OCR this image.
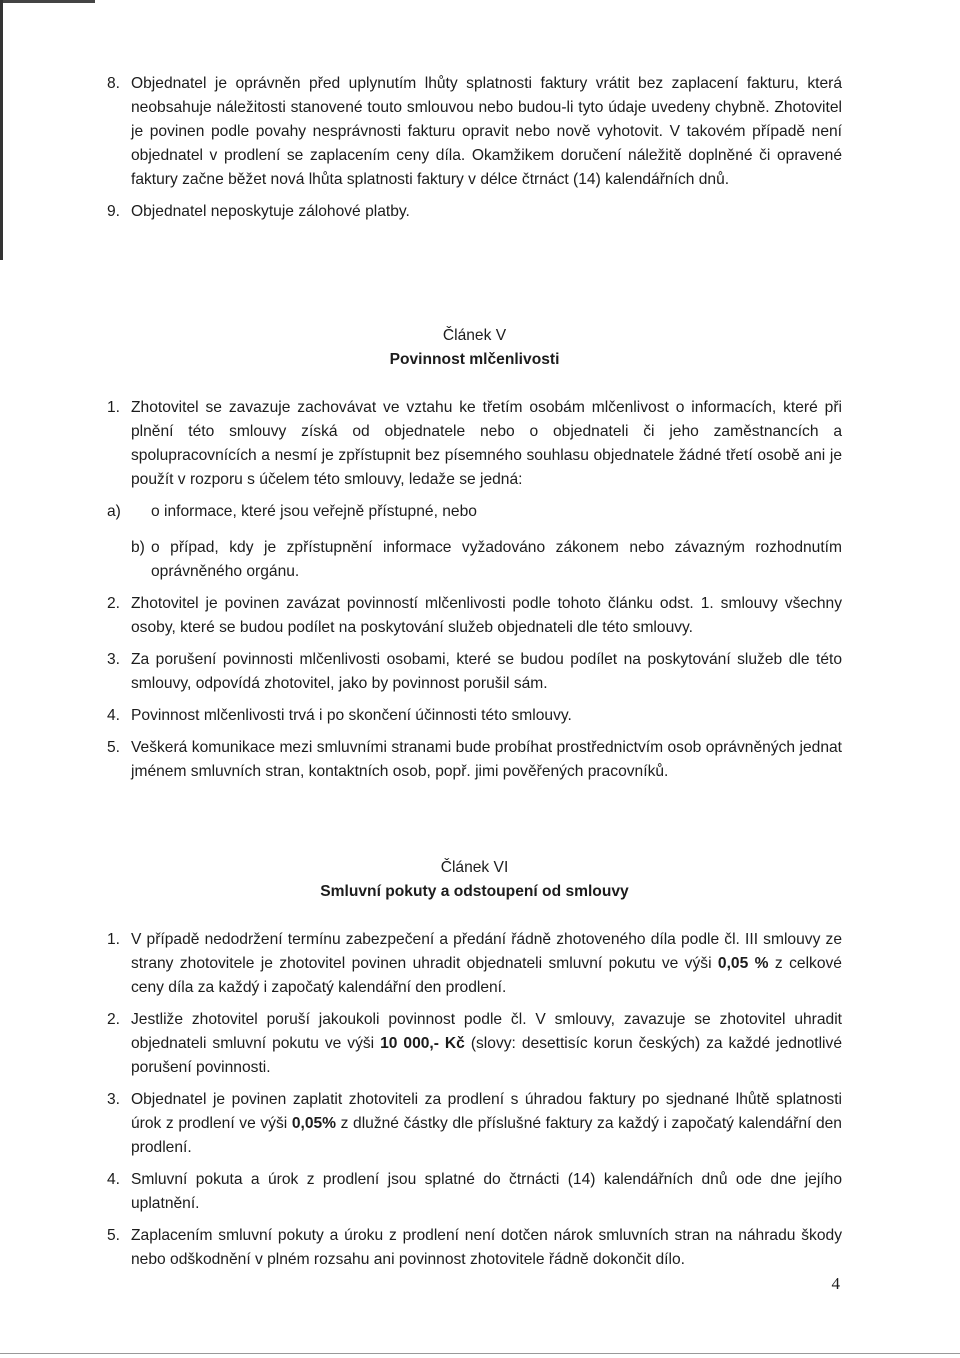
8. Objednatel je oprávněn před uplynutím lhůty splatnosti faktury vrátit bez zaplacení fakturu, která neobsahuje náležitosti stanovené touto smlouvou nebo budou-li tyto údaje uvedeny chybně. Zhotovitel je povinen podle povahy nesprávnosti fakturu opravit nebo nově vyhotovit. V takovém případě není objednatel v prodlení se zaplacením ceny díla. Okamžikem doručení náležitě doplněné či opravené faktury začne běžet nová lhůta splatnosti faktury v délce čtrnáct (14) kalendářních dnů.

9. Objednatel neposkytuje zálohové platby.

Článek V
Povinnost mlčenlivosti

1. Zhotovitel se zavazuje zachovávat ve vztahu ke třetím osobám mlčenlivost o informacích, které při plnění této smlouvy získá od objednatele nebo o objednateli či jeho zaměstnancích a spolupracovnících a nesmí je zpřístupnit bez písemného souhlasu objednatele žádné třetí osobě ani je použít v rozporu s účelem této smlouvy, ledaže se jedná:

a) o informace, které jsou veřejně přístupné, nebo

b) o případ, kdy je zpřístupnění informace vyžadováno zákonem nebo závazným rozhodnutím oprávněného orgánu.

2. Zhotovitel je povinen zavázat povinností mlčenlivosti podle tohoto článku odst. 1. smlouvy všechny osoby, které se budou podílet na poskytování služeb objednateli dle této smlouvy.

3. Za porušení povinnosti mlčenlivosti osobami, které se budou podílet na poskytování služeb dle této smlouvy, odpovídá zhotovitel, jako by povinnost porušil sám.

4. Povinnost mlčenlivosti trvá i po skončení účinnosti této smlouvy.

5. Veškerá komunikace mezi smluvními stranami bude probíhat prostřednictvím osob oprávněných jednat jménem smluvních stran, kontaktních osob, popř. jimi pověřených pracovníků.

Článek VI
Smluvní pokuty a odstoupení od smlouvy

1. V případě nedodržení termínu zabezpečení a předání řádně zhotoveného díla podle čl. III smlouvy ze strany zhotovitele je zhotovitel povinen uhradit objednateli smluvní pokutu ve výši 0,05 % z celkové ceny díla za každý i započatý kalendářní den prodlení.

2. Jestliže zhotovitel poruší jakoukoli povinnost podle čl. V smlouvy, zavazuje se zhotovitel uhradit objednateli smluvní pokutu ve výši 10 000,- Kč (slovy: desettisíc korun českých) za každé jednotlivé porušení povinnosti.

3. Objednatel je povinen zaplatit zhotoviteli za prodlení s úhradou faktury po sjednané lhůtě splatnosti úrok z prodlení ve výši 0,05% z dlužné částky dle příslušné faktury za každý i započatý kalendářní den prodlení.

4. Smluvní pokuta a úrok z prodlení jsou splatné do čtrnácti (14) kalendářních dnů ode dne jejího uplatnění.

5. Zaplacením smluvní pokuty a úroku z prodlení není dotčen nárok smluvních stran na náhradu škody nebo odškodnění v plném rozsahu ani povinnost zhotovitele řádně dokončit dílo.

4
